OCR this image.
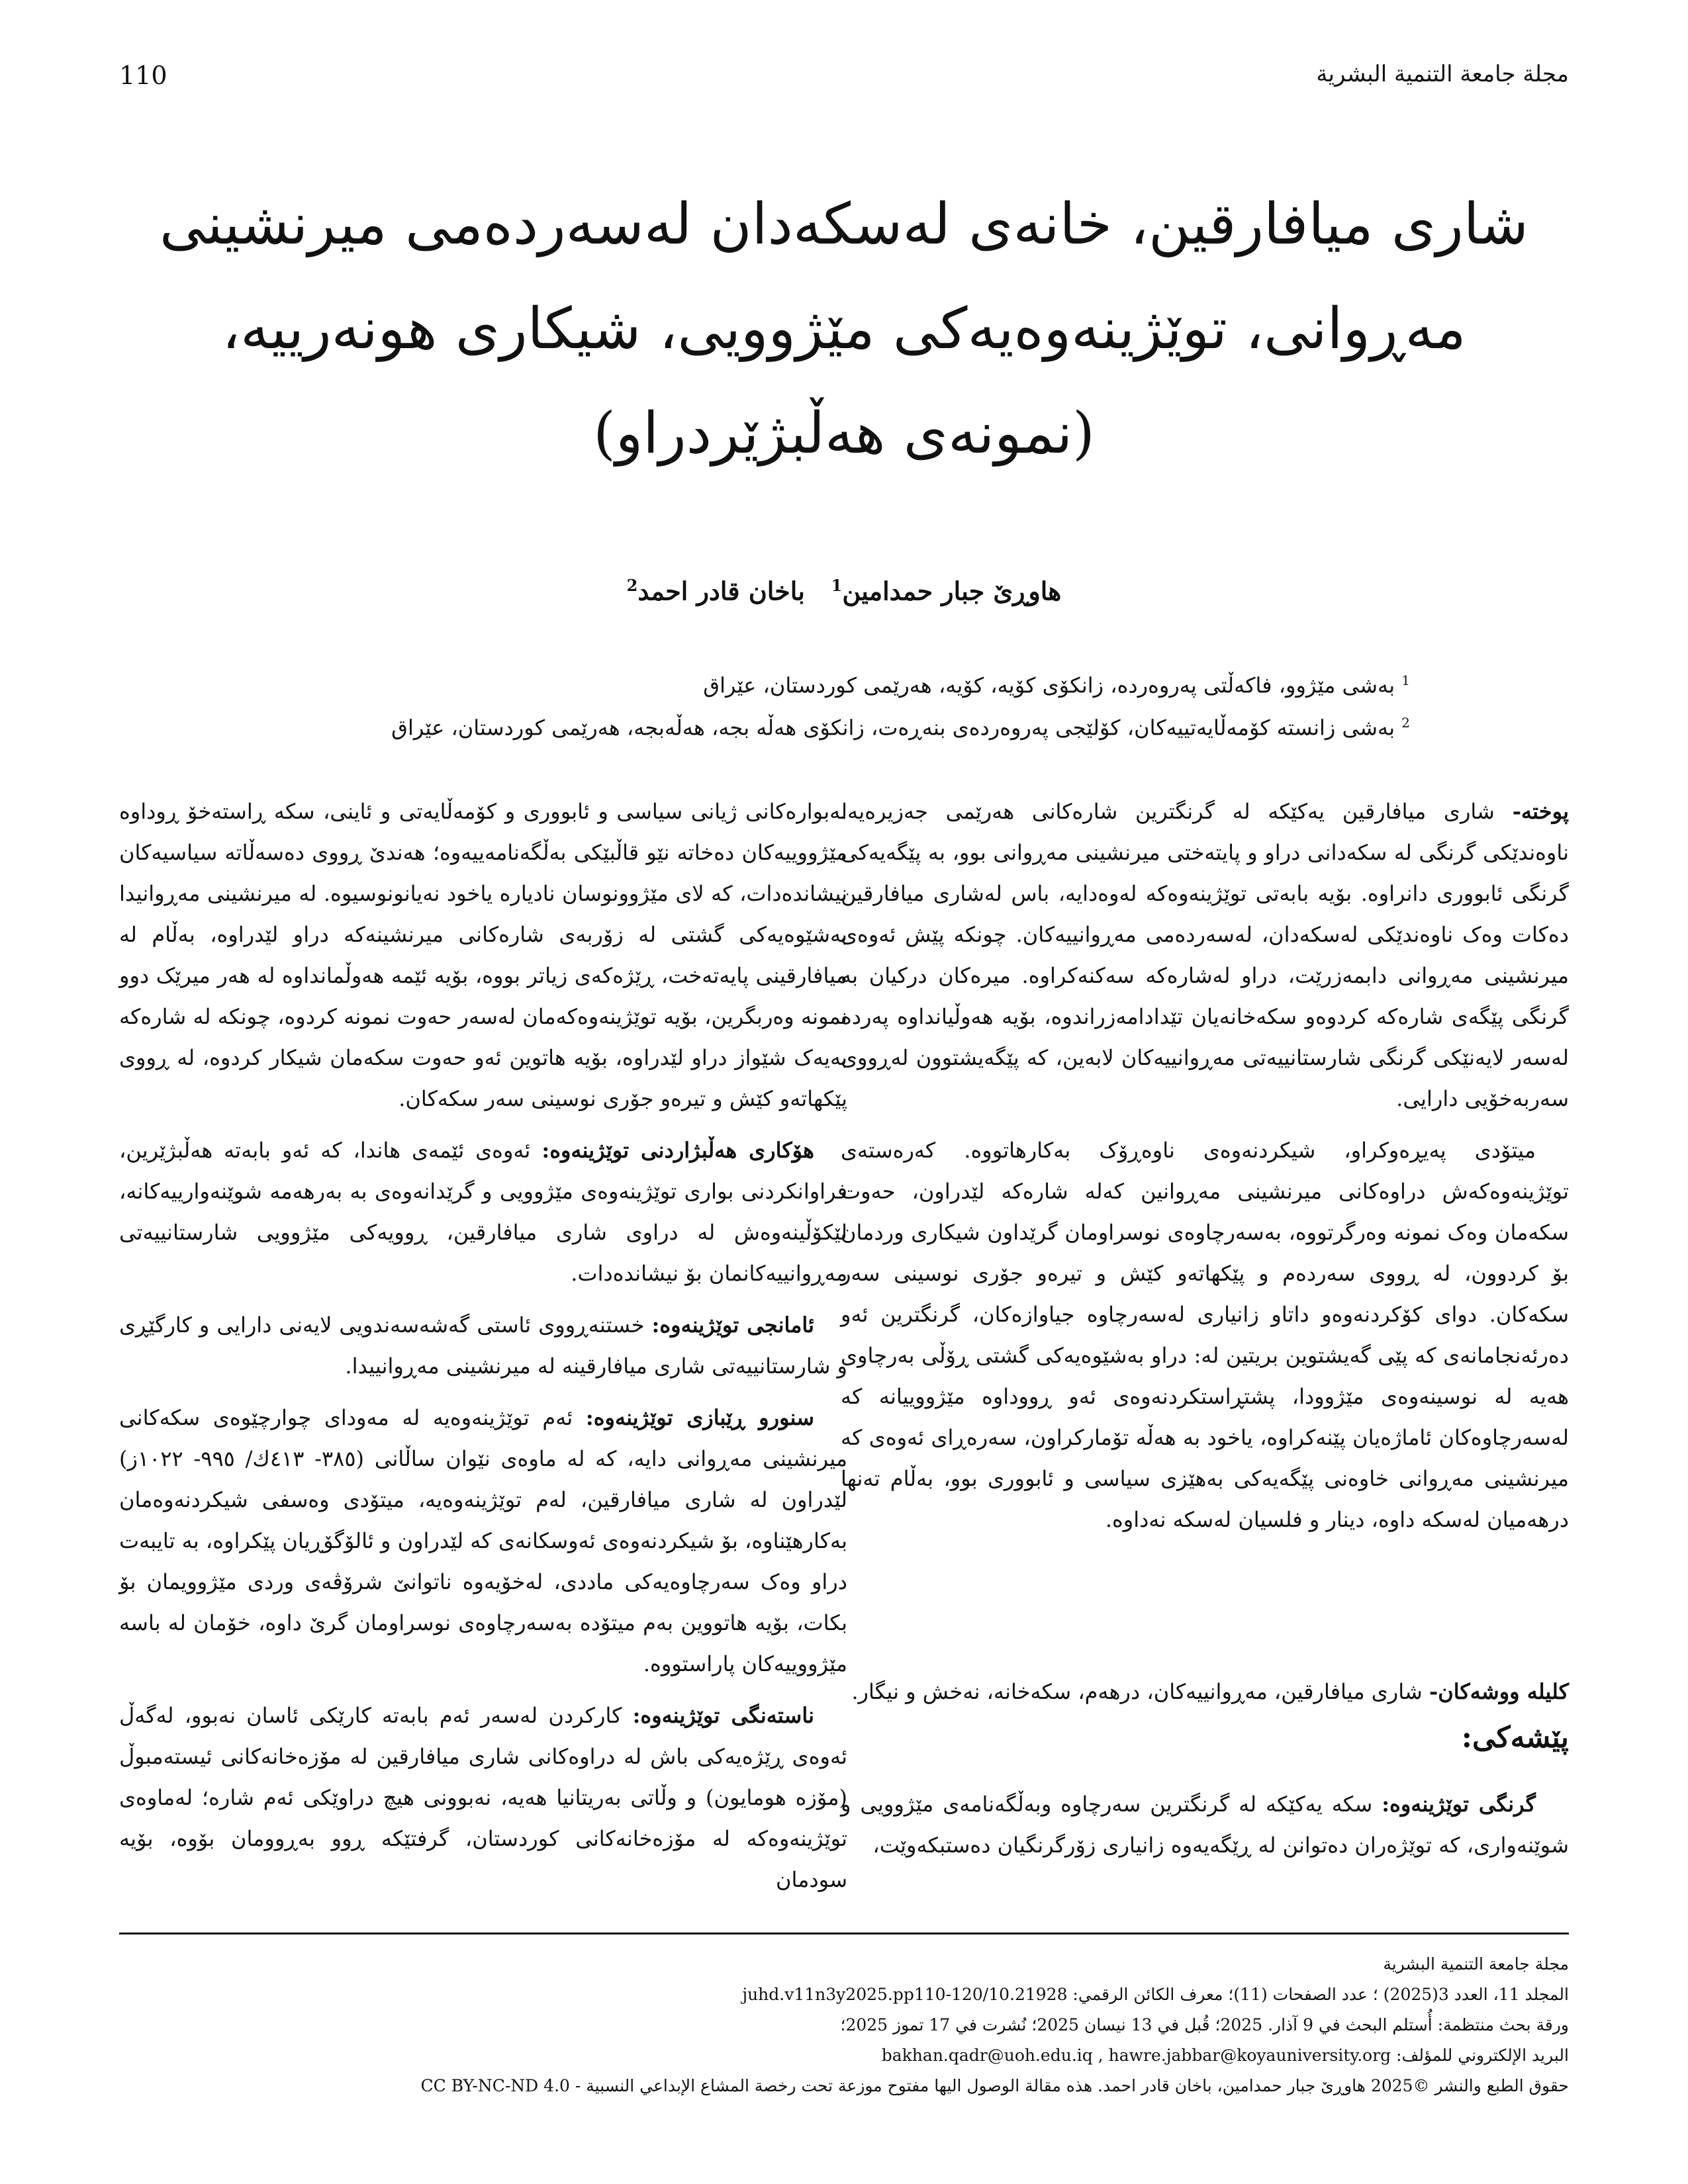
110	مجلة جامعة التنمية البشرية
شاری میافارقین، خانەی لەسکەدان لەسەردەمی میرنشینی
مەڕوانی، توێژینەوەیەکی مێژوویی، شیکاری هونەرییە،
(نمونەی هەڵبژێردراو)
هاوڕێ جبار حمدامین$^1$   باخان قادر احمد$^2$
$^1$ بەشی مێژوو، فاکەڵتی پەروەردە، زانکۆی کۆیە، کۆیە، هەرێمی کوردستان، عێراق
$^2$ بەشی زانستە کۆمەڵایەتییەکان، کۆلێجی پەروەردەی بنەڕەت، زانکۆی هەڵە بجە، هەڵەبجە، هەرێمی کوردستان، عێراق

پوختە- شاری میافارقین یەکێکە لە گرنگترین شارەکانی هەرێمی جەزیرەیە. ناوەندێکی گرنگی لە سکەدانی دراو و پایتەختی میرنشینی مەڕوانی بوو، بە پێگەیەکی گرنگی ئابووری دانراوە. بۆیە بابەتی توێژینەوەکە لەوەدایە، باس لەشاری میافارقین دەکات وەک ناوەندێکی لەسکەدان، لەسەردەمی مەڕوانییەکان. چونکە پێش ئەوەی میرنشینی مەڕوانی دابمەزرێت، دراو لەشارەکە سەکنەکراوە. میرەکان درکیان بە گرنگی پێگەی شارەکە کردوەو سکەخانەیان تێدادامەزراندوە، بۆیە هەوڵیانداوە پەردە لەسەر لایەنێکی گرنگی شارستانییەتی مەڕوانییەکان لابەین، کە پێگەیشتوون لەڕووی سەربەخۆیی دارایی.

میتۆدی پەیڕەوکراو، شیکردنەوەی ناوەڕۆک بەکارهاتووە. کەرەستەی توێژینەوەکەش دراوەکانی میرنشینی مەڕوانین کەلە شارەکە لێدراون، حەوت سکەمان وەک نمونە وەرگرتووە، بەسەرچاوەی نوسراومان گرێداون شیکاری وردمان بۆ کردوون، لە ڕووی سەردەم و پێکهاتەو کێش و تیرەو جۆری نوسینی سەر سکەکان. دوای کۆکردنەوەو داتاو زانیاری لەسەرچاوە جیاوازەکان، گرنگترین ئەو دەرئەنجامانەی کە پێی گەیشتوین بریتین لە: دراو بەشێوەیەکی گشتی ڕۆڵی بەرچاوی هەیە لە نوسینەوەی مێژوودا، پشتڕاستکردنەوەی ئەو ڕووداوە مێژووییانە کە لەسەرچاوەکان ئاماژەیان پێنەکراوە، یاخود بە هەڵە تۆمارکراون، سەرەڕای ئەوەی کە میرنشینی مەڕوانی خاوەنی پێگەیەکی بەهێزی سیاسی و ئابووری بوو، بەڵام تەنها درهەمیان لەسکە داوە، دینار و فلسیان لەسکە نەداوە.

لەبوارەکانی ژیانی سیاسی و ئابووری و کۆمەڵایەتی و ئاینی، سکە ڕاستەخۆ ڕوداوە مێژووییەکان دەخاتە نێو قاڵبێکی بەڵگەنامەییەوە؛ هەندێ ڕووی دەسەڵاتە سیاسیەکان نیشاندەدات، کە لای مێژوونوسان نادیارە یاخود نەیانونوسیوە. لە میرنشینی مەڕوانیدا بەشێوەیەکی گشتی لە زۆربەی شارەکانی میرنشینەکە دراو لێدراوە، بەڵام لە میافارقینی پایەتەخت، ڕێژەکەی زیاتر بووە، بۆیە ئێمە هەوڵمانداوە لە هەر میرێک دوو نمونە وەربگرین، بۆیە توێژینەوەکەمان لەسەر حەوت نمونە کردوە، چونکە لە شارەکە بەیەک شێواز دراو لێدراوە، بۆیە هاتوین ئەو حەوت سکەمان شیکار کردوە، لە ڕووی پێکهاتەو کێش و تیرەو جۆری نوسینی سەر سکەکان.

هۆکاری هەڵبژاردنی توێژینەوە: ئەوەی ئێمەی هاندا، کە ئەو بابەتە هەڵبژێرین، فراوانکردنی بواری توێژینەوەی مێژوویی و گرێدانەوەی بە بەرهەمە شوێنەوارییەکانە، لێکۆڵینەوەش لە دراوی شاری میافارقین، ڕوویەکی مێژوویی شارستانییەتی مەڕوانییەکانمان بۆ نیشاندەدات.

ئامانجی توێژینەوە: خستنەڕووی ئاستی گەشەسەندویی لایەنی دارایی و کارگێڕی و شارستانییەتی شاری میافارقینە لە میرنشینی مەڕوانییدا.

سنورو ڕێبازی توێژینەوە: ئەم توێژینەوەیە لە مەودای چوارچێوەی سکەکانی میرنشینی مەڕوانی دایە، کە لە ماوەی نێوان ساڵانی (٣٨٥- ٤١٣ك/ ٩٩٥- ١٠٢٢ز) لێدراون لە شاری میافارقین، لەم توێژینەوەیە، میتۆدی وەسفی شیکردنەوەمان بەکارهێناوە، بۆ شیکردنەوەی ئەوسکانەی کە لێدراون و ئالۆگۆڕیان پێکراوە، بە تایبەت دراو وەک سەرچاوەیەکی ماددی، لەخۆیەوە ناتوانێ شرۆڤەی وردی مێژوویمان بۆ بکات، بۆیە هاتووین بەم میتۆدە بەسەرچاوەی نوسراومان گرێ داوە، خۆمان لە باسە مێژووییەکان پاراستووە.

ناستەنگی توێژینەوە: کارکردن لەسەر ئەم بابەتە کارێکی ئاسان نەبوو، لەگەڵ ئەوەی ڕێژەیەکی باش لە دراوەکانی شاری میافارقین لە مۆزەخانەکانی ئیستەمبوڵ (مۆزە هومایون) و وڵاتی بەریتانیا هەیە، نەبوونی هیچ دراوێکی ئەم شارە؛ لەماوەی توێژینەوەکە لە مۆزەخانەکانی کوردستان، گرفتێکە ڕوو بەڕوومان بۆوە، بۆیە سودمان

کلیلە ووشەکان- شاری میافارقین، مەڕوانییەکان، درهەم، سکەخانە، نەخش و نیگار.

پێشەکی:

گرنگی توێژینەوە: سکە یەکێکە لە گرنگترین سەرچاوە وبەڵگەنامەی مێژوویی و شوێنەواری، کە توێژەران دەتوانن لە ڕێگەیەوە زانیاری زۆرگرنگیان دەستبکەوێت،

مجلة جامعة التنمية البشرية
المجلد 11، العدد 3(2025) ؛ عدد الصفحات (11)؛ معرف الكائن الرقمي: 10.21928/juhd.v11n3y2025.pp110-120
ورقة بحث منتظمة: أُستلم البحث في 9 آذار. 2025؛ قُبل في 13 نيسان 2025؛ نُشرت في 17 تموز 2025؛
البريد الإلكتروني للمؤلف: bakhan.qadr@uoh.edu.iq , hawre.jabbar@koyauniversity.org
حقوق الطبع والنشر ©2025 هاوڕێ جبار حمدامين، باخان قادر احمد. هذه مقالة الوصول اليها مفتوح موزعة تحت رخصة المشاع الإبداعي النسبية - CC BY-NC-ND 4.0
